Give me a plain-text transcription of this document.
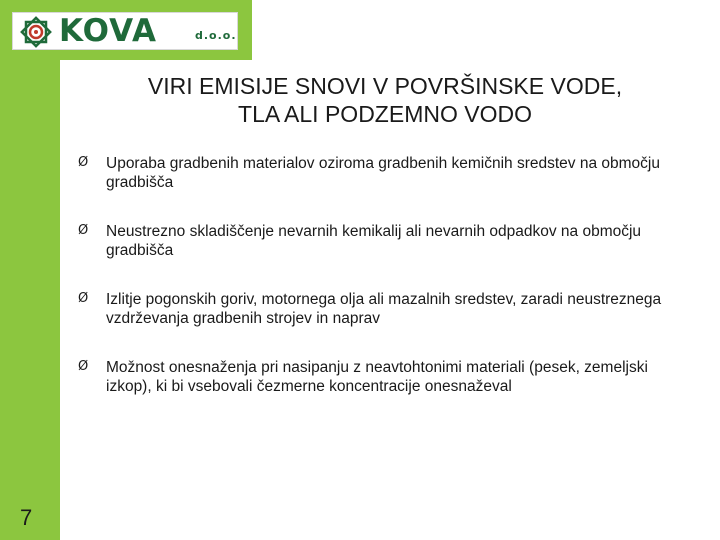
KOVA	d.o.o.
VIRI EMISIJE SNOVI V POVRŠINSKE VODE,
TLA ALI PODZEMNO VODO
Ø Uporaba gradbenih materialov oziroma gradbenih kemičnih sredstev na območju gradbišča
Ø Neustrezno skladiščenje nevarnih kemikalij ali nevarnih odpadkov na območju gradbišča
Ø Izlitje pogonskih goriv, motornega olja ali mazalnih sredstev, zaradi neustreznega vzdrževanja gradbenih strojev in naprav
Ø Možnost onesnaženja pri nasipanju z neavtohtonimi materiali (pesek, zemeljski izkop), ki bi vsebovali čezmerne koncentracije onesnaževal
7
